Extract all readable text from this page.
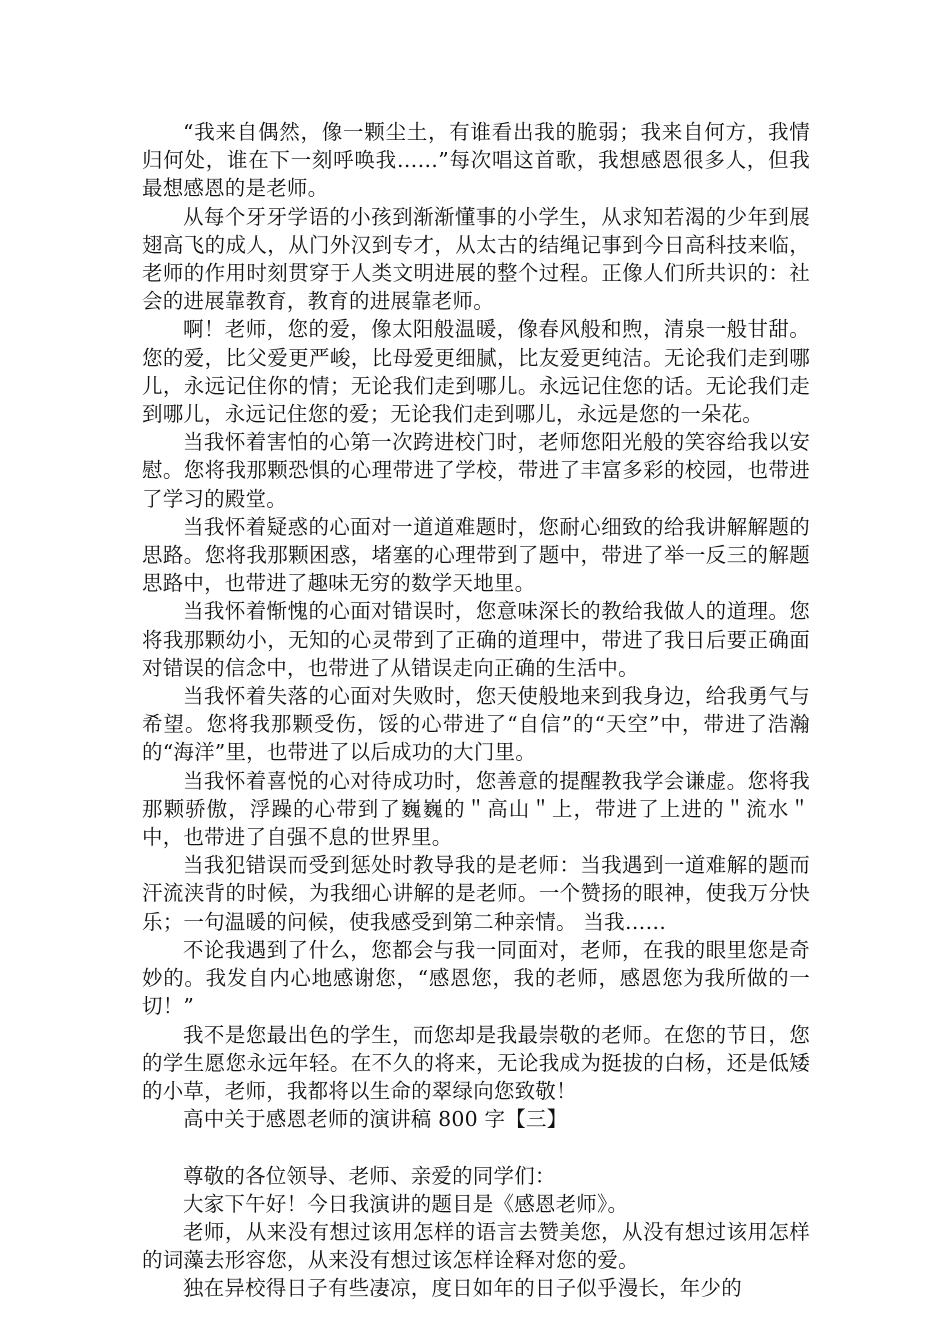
“我来自偶然，像一颗尘土，有谁看出我的脆弱；我来自何方，我情归何处，谁在下一刻呼唤我……”每次唱这首歌，我想感恩很多人，但我最想感恩的是老师。

从每个牙牙学语的小孩到渐渐懂事的小学生，从求知若渴的少年到展翅高飞的成人，从门外汉到专才，从太古的结绳记事到今日高科技来临，老师的作用时刻贯穿于人类文明进展的整个过程。正像人们所共识的：社会的进展靠教育，教育的进展靠老师。

啊！老师，您的爱，像太阳般温暖，像春风般和煦，清泉一般甘甜。您的爱，比父爱更严峻，比母爱更细腻，比友爱更纯洁。无论我们走到哪儿，永远记住你的情；无论我们走到哪儿。永远记住您的话。无论我们走到哪儿，永远记住您的爱；无论我们走到哪儿，永远是您的一朵花。

当我怀着害怕的心第一次跨进校门时，老师您阳光般的笑容给我以安慰。您将我那颗恐惧的心理带进了学校，带进了丰富多彩的校园，也带进了学习的殿堂。

当我怀着疑惑的心面对一道道难题时，您耐心细致的给我讲解解题的思路。您将我那颗困惑，堵塞的心理带到了题中，带进了举一反三的解题思路中，也带进了趣味无穷的数学天地里。

当我怀着惭愧的心面对错误时，您意味深长的教给我做人的道理。您将我那颗幼小，无知的心灵带到了正确的道理中，带进了我日后要正确面对错误的信念中，也带进了从错误走向正确的生活中。

当我怀着失落的心面对失败时，您天使般地来到我身边，给我勇气与希望。您将我那颗受伤，馁的心带进了“自信”的“天空”中，带进了浩瀚的“海洋”里，也带进了以后成功的大门里。

当我怀着喜悦的心对待成功时，您善意的提醒教我学会谦虚。您将我那颗骄傲，浮躁的心带到了巍巍的＂高山＂上，带进了上进的＂流水＂中，也带进了自强不息的世界里。

当我犯错误而受到惩处时教导我的是老师：当我遇到一道难解的题而汗流浃背的时候，为我细心讲解的是老师。一个赞扬的眼神，使我万分快乐；一句温暖的问候，使我感受到第二种亲情。 当我……

不论我遇到了什么，您都会与我一同面对，老师，在我的眼里您是奇妙的。我发自内心地感谢您，“感恩您，我的老师，感恩您为我所做的一切！”

我不是您最出色的学生，而您却是我最崇敬的老师。在您的节日，您的学生愿您永远年轻。在不久的将来，无论我成为挺拔的白杨，还是低矮的小草，老师，我都将以生命的翠绿向您致敬！

高中关于感恩老师的演讲稿 800 字【三】

尊敬的各位领导、老师、亲爱的同学们：

大家下午好！今日我演讲的题目是《感恩老师》。

老师，从来没有想过该用怎样的语言去赞美您，从没有想过该用怎样的词藻去形容您，从来没有想过该怎样诠释对您的爱。

独在异校得日子有些凄凉，度日如年的日子似乎漫长，年少的
